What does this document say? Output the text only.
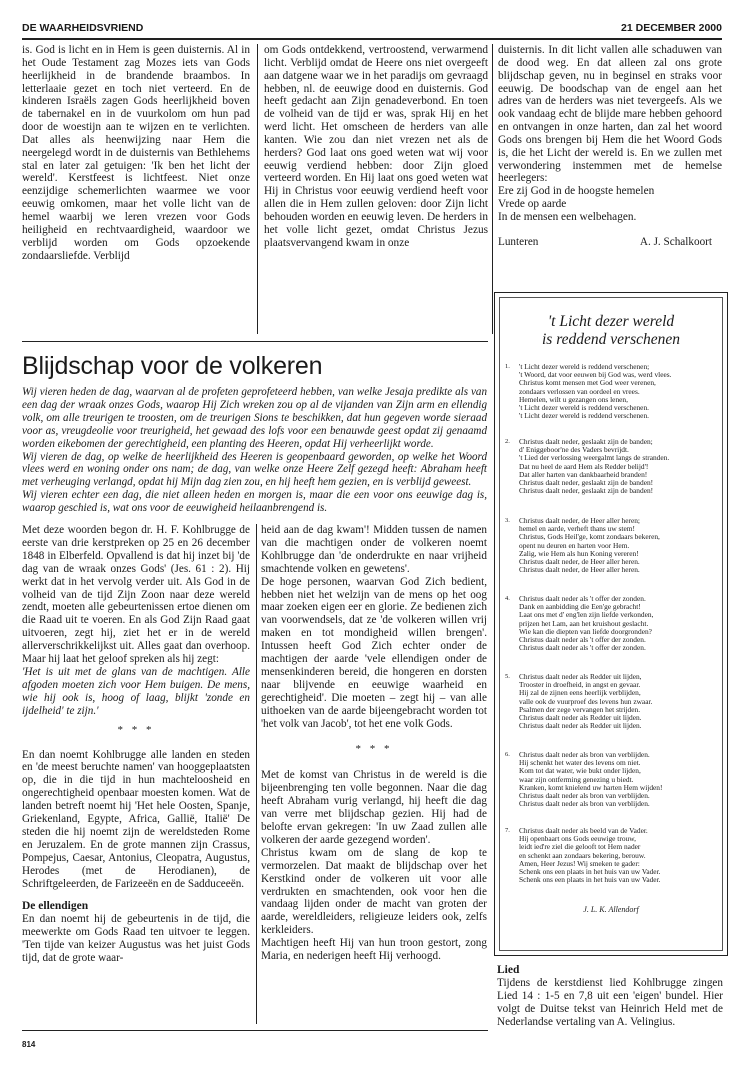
DE WAARHEIDSVRIEND	21 DECEMBER 2000

is. God is licht en in Hem is geen duisternis. Al in het Oude Testament zag Mozes iets van Gods heerlijkheid in de brandende braambos. In letterlaaie gezet en toch niet verteerd. En de kinderen Israëls zagen Gods heerlijkheid boven de tabernakel en in de vuurkolom om hun pad door de woestijn aan te wijzen en te verlichten. Dat alles als heenwijzing naar Hem die neergelegd wordt in de duisternis van Bethlehems stal en later zal getuigen: 'Ik ben het licht der wereld'. Kerstfeest is lichtfeest. Niet onze eenzijdige schemerlichten waarmee we voor eeuwig omkomen, maar het volle licht van de hemel waarbij we leren vrezen voor Gods heiligheid en rechtvaardigheid, waardoor we verblijd worden om Gods opzoekende zondaarsliefde. Verblijd

om Gods ontdekkend, vertroostend, verwarmend licht. Verblijd omdat de Heere ons niet overgeeft aan datgene waar we in het paradijs om gevraagd hebben, nl. de eeuwige dood en duisternis. God heeft gedacht aan Zijn genadeverbond. En toen de volheid van de tijd er was, sprak Hij en het werd licht. Het omscheen de herders van alle kanten. Wie zou dan niet vrezen net als de herders? God laat ons goed weten wat wij voor eeuwig verdiend hebben: door Zijn gloed verteerd worden. En Hij laat ons goed weten wat Hij in Christus voor eeuwig verdiend heeft voor allen die in Hem zullen geloven: door Zijn licht behouden worden en eeuwig leven. De herders in het volle licht gezet, omdat Christus Jezus plaatsvervangend kwam in onze

duisternis. In dit licht vallen alle schaduwen van de dood weg. En dat alleen zal ons grote blijdschap geven, nu in beginsel en straks voor eeuwig. De boodschap van de engel aan het adres van de herders was niet tevergeefs. Als we ook vandaag echt de blijde mare hebben gehoord en ontvangen in onze harten, dan zal het woord Gods ons brengen bij Hem die het Woord Gods is, die het Licht der wereld is. En we zullen met verwondering instemmen met de hemelse heerlegers:

Ere zij God in de hoogste hemelen
Vrede op aarde
In de mensen een welbehagen.
Lunteren	A. J. Schalkoort
Blijdschap voor de volkeren

Wij vieren heden de dag, waarvan al de profeten geprofeteerd hebben, van welke Jesaja predikte als van een dag der wraak onzes Gods, waarop Hij Zich wreken zou op al de vijanden van Zijn arm en ellendig volk, om alle treurigen te troosten, om de treurigen Sions te beschikken, dat hun gegeven worde sieraad voor as, vreugdeolie voor treurigheid, het gewaad des lofs voor een benauwde geest opdat zij genaamd worden eikebomen der gerechtigheid, een planting des Heeren, opdat Hij verheerlijkt worde.

Wij vieren de dag, op welke de heerlijkheid des Heeren is geopenbaard geworden, op welke het Woord vlees werd en woning onder ons nam; de dag, van welke onze Heere Zelf gezegd heeft: Abraham heeft met verheuging verlangd, opdat hij Mijn dag zien zou, en hij heeft hem gezien, en is verblijd geweest.

Wij vieren echter een dag, die niet alleen heden en morgen is, maar die een voor ons eeuwige dag is, waarop geschied is, wat ons voor de eeuwigheid heilaanbrengend is.

Met deze woorden begon dr. H. F. Kohlbrugge de eerste van drie kerstpreken op 25 en 26 december 1848 in Elberfeld. Opvallend is dat hij inzet bij 'de dag van de wraak onzes Gods' (Jes. 61 : 2). Hij werkt dat in het vervolg verder uit. Als God in de volheid van de tijd Zijn Zoon naar deze wereld zendt, moeten alle gebeurtenissen ertoe dienen om die Raad uit te voeren. En als God Zijn Raad gaat uitvoeren, zegt hij, ziet het er in de wereld allerverschrikkelijkst uit. Alles gaat dan overhoop. Maar hij laat het geloof spreken als hij zegt:

'Het is uit met de glans van de machtigen. Alle afgoden moeten zich voor Hem buigen. De mens, wie hij ook is, hoog of laag, blijkt 'zonde en ijdelheid' te zijn.'

* * *

En dan noemt Kohlbrugge alle landen en steden en 'de meest beruchte namen' van hooggeplaatsten op, die in die tijd in hun machteloosheid en ongerechtigheid openbaar moesten komen. Wat de landen betreft noemt hij 'Het hele Oosten, Spanje, Griekenland, Egypte, Africa, Gallië, Italië' De steden die hij noemt zijn de wereldsteden Rome en Jeruzalem. En de grote mannen zijn Crassus, Pompejus, Caesar, Antonius, Cleopatra, Augustus, Herodes (met de Herodianen), de Schriftgeleerden, de Farizeeën en de Sadduceeën.

De ellendigen

En dan noemt hij de gebeurtenis in de tijd, die meewerkte om Gods Raad ten uitvoer te leggen. 'Ten tijde van keizer Augustus was het juist Gods tijd, dat de grote waar-

heid aan de dag kwam'! Midden tussen de namen van die machtigen onder de volkeren noemt Kohlbrugge dan 'de onderdrukte en naar vrijheid smachtende volken en gewetens'.

De hoge personen, waarvan God Zich bedient, hebben niet het welzijn van de mens op het oog maar zoeken eigen eer en glorie. Ze bedienen zich van voorwendsels, dat ze 'de volkeren willen vrij maken en tot mondigheid willen brengen'. Intussen heeft God Zich echter onder de machtigen der aarde 'vele ellendigen onder de mensenkinderen bereid, die hongeren en dorsten naar blijvende en eeuwige waarheid en gerechtigheid'. Die moeten – zegt hij – van alle uithoeken van de aarde bijeengebracht worden tot 'het volk van Jacob', tot het ene volk Gods.

* * *

Met de komst van Christus in de wereld is die bijeenbrenging ten volle begonnen. Naar die dag heeft Abraham vurig verlangd, hij heeft die dag van verre met blijdschap gezien. Hij had de belofte ervan gekregen: 'In uw Zaad zullen alle volkeren der aarde gezegend worden'.

Christus kwam om de slang de kop te vermorzelen. Dat maakt de blijdschap over het Kerstkind onder de volkeren uit voor alle verdrukten en smachtenden, ook voor hen die vandaag lijden onder de macht van groten der aarde, wereldleiders, religieuze leiders ook, zelfs kerkleiders.

Machtigen heeft Hij van hun troon gestort, zong Maria, en nederigen heeft Hij verhoogd.

't Licht dezer wereld
is reddend verschenen
1.	't Licht dezer wereld is reddend verschenen;
't Woord, dat voor eeuwen bij God was, werd vlees.
Christus komt mensen met God weer verenen,
zondaars verlossen van oordeel en vrees.
Hemelen, wilt u gezangen ons lenen,
't Licht dezer wereld is reddend verschenen.
't Licht dezer wereld is reddend verschenen.
2.	Christus daalt neder, geslaakt zijn de banden;
d' Eniggeboor'ne des Vaders bevrijdt.
't Lied der verlossing weergalmt langs de stranden.
Dat nu heel de aard Hem als Redder belijd'!
Dat aller harten van dankbaarheid branden!
Christus daalt neder, geslaakt zijn de banden!
Christus daalt neder, geslaakt zijn de banden!
3.	Christus daalt neder, de Heer aller heren;
hemel en aarde, verheft thans uw stem!
Christus, Gods Heil'ge, komt zondaars bekeren,
opent nu deuren en harten voor Hem.
Zalig, wie Hem als hun Koning vereren!
Christus daalt neder, de Heer aller heren.
Christus daalt neder, de Heer aller heren.
4.	Christus daalt neder als 't offer der zonden.
Dank en aanbidding die Een'ge gebracht!
Laat ons met d' eng'len zijn liefde verkonden,
prijzen het Lam, aan het kruishout geslacht.
Wie kan die diepten van liefde doorgronden?
Christus daalt neder als 't offer der zonden.
Christus daalt neder als 't offer der zonden.
5.	Christus daalt neder als Redder uit lijden,
Trooster in droefheid, in angst en gevaar.
Hij zal de zijnen eens heerlijk verblijden,
valle ook de vuurproef des levens hun zwaar.
Psalmen der zege vervangen het strijden.
Christus daalt neder als Redder uit lijden.
Christus daalt neder als Redder uit lijden.
6.	Christus daalt neder als bron van verblijden.
Hij schenkt het water des levens om niet.
Kom tot dat water, wie bukt onder lijden,
waar zijn ontferming genezing u biedt.
Kranken, komt knielend uw harten Hem wijden!
Christus daalt neder als bron van verblijden.
Christus daalt neder als bron van verblijden.
7.	Christus daalt neder als beeld van de Vader.
Hij openbaart ons Gods eeuwige trouw,
leidt ied're ziel die gelooft tot Hem nader
en schenkt aan zondaars bekering, berouw.
Amen, Heer Jezus! Wij smeken te gader:
Schenk ons een plaats in het huis van uw Vader.
Schenk ons een plaats in het huis van uw Vader.
J. L. K. Allendorf
Lied

Tijdens de kerstdienst lied Kohlbrugge zingen Lied 14 : 1-5 en 7,8 uit een 'eigen' bundel. Hier volgt de Duitse tekst van Heinrich Held met de Nederlandse vertaling van A. Velingius.

814
